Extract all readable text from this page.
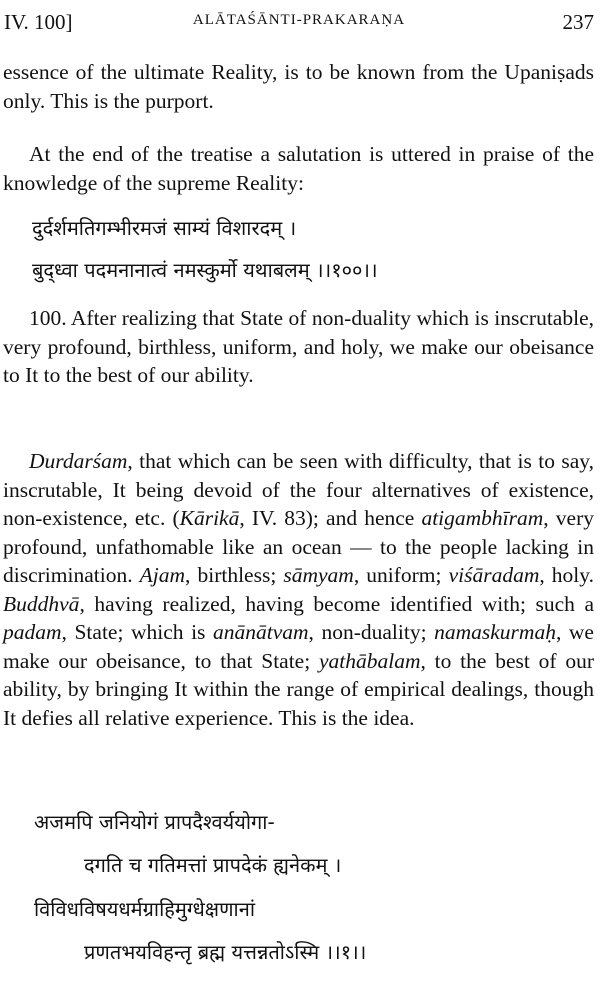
IV. 100]	ALĀTAŚĀNTI-PRAKARAṆA	237

essence of the ultimate Reality, is to be known from the Upaniṣads only. This is the purport.

At the end of the treatise a salutation is uttered in praise of the knowledge of the supreme Reality:

दुर्दर्शमतिगम्भीरमजं साम्यं विशारदम् ।
बुद्ध्वा पदमनानात्वं नमस्कुर्मो यथाबलम् ।।१००।।

100. After realizing that State of non-duality which is inscrutable, very profound, birthless, uniform, and holy, we make our obeisance to It to the best of our ability.

Durdarśam, that which can be seen with difficulty, that is to say, inscrutable, It being devoid of the four alternatives of existence, non-existence, etc. (Kārikā, IV. 83); and hence atigambhīram, very profound, unfathomable like an ocean — to the people lacking in discrimination. Ajam, birthless; sāmyam, uniform; viśāradam, holy. Buddhvā, having realized, having become identified with; such a padam, State; which is anānātvam, non-duality; namaskurmaḥ, we make our obeisance, to that State; yathābalam, to the best of our ability, by bringing It within the range of empirical dealings, though It defies all relative experience. This is the idea.

अजमपि जनियोगं प्रापदैश्वर्ययोगा-
दगति च गतिमत्तां प्रापदेकं ह्यनेकम् ।
विविधविषयधर्मग्राहिमुग्धेक्षणानां
प्रणतभयविहन्तृ ब्रह्म यत्तन्नतोऽस्मि ।।१।।
